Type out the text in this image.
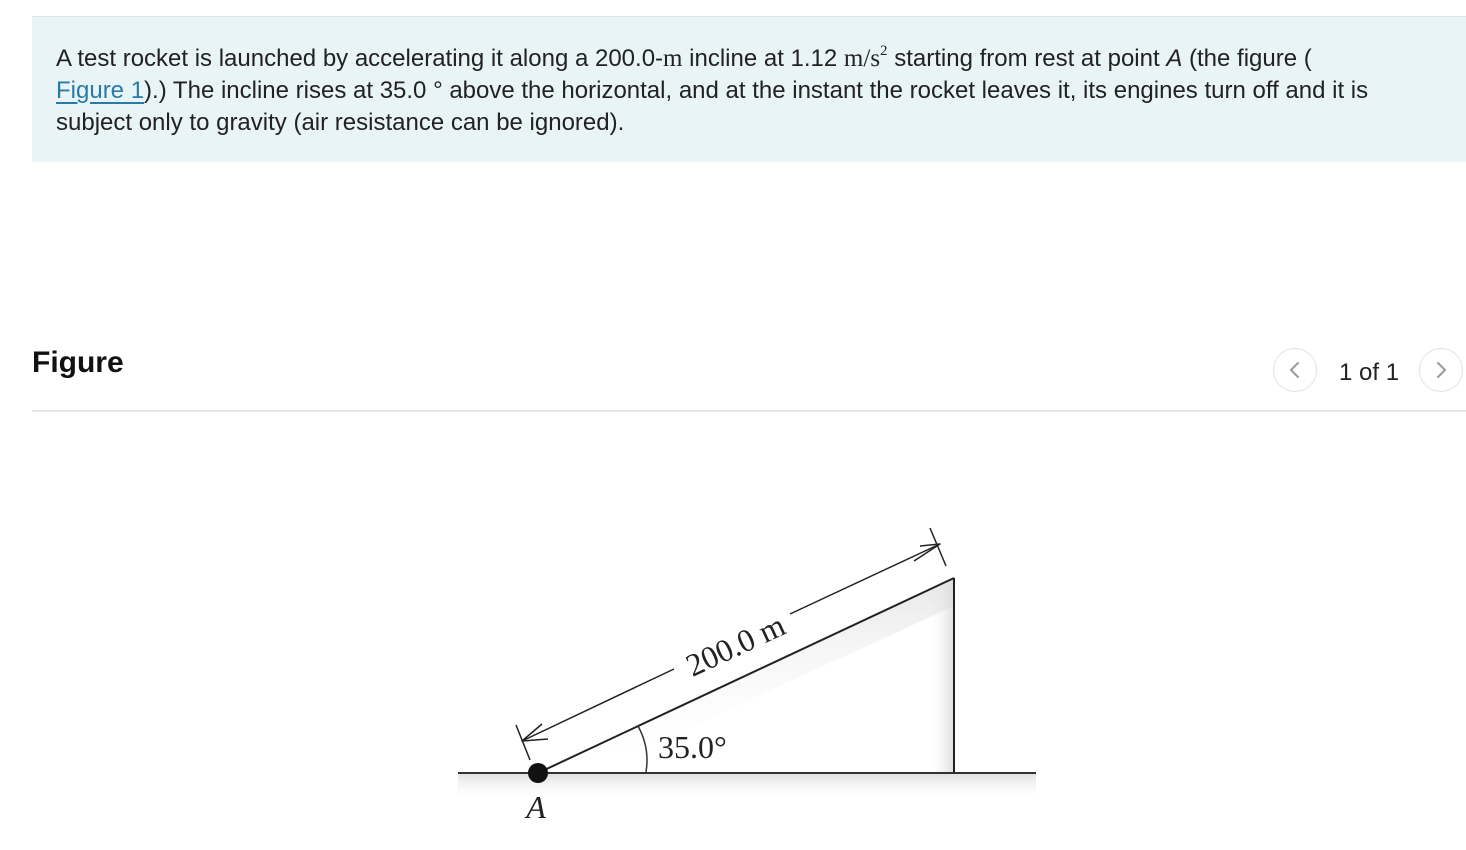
A test rocket is launched by accelerating it along a 200.0-m incline at 1.12 $m/s^2$ starting from rest at point A (the figure (
Figure 1).) The incline rises at 35.0 ° above the horizontal, and at the instant the rocket leaves it, its engines turn off and it is subject only to gravity (air resistance can be ignored).
Figure	1 of 1
200.0 m
35.0°
A
